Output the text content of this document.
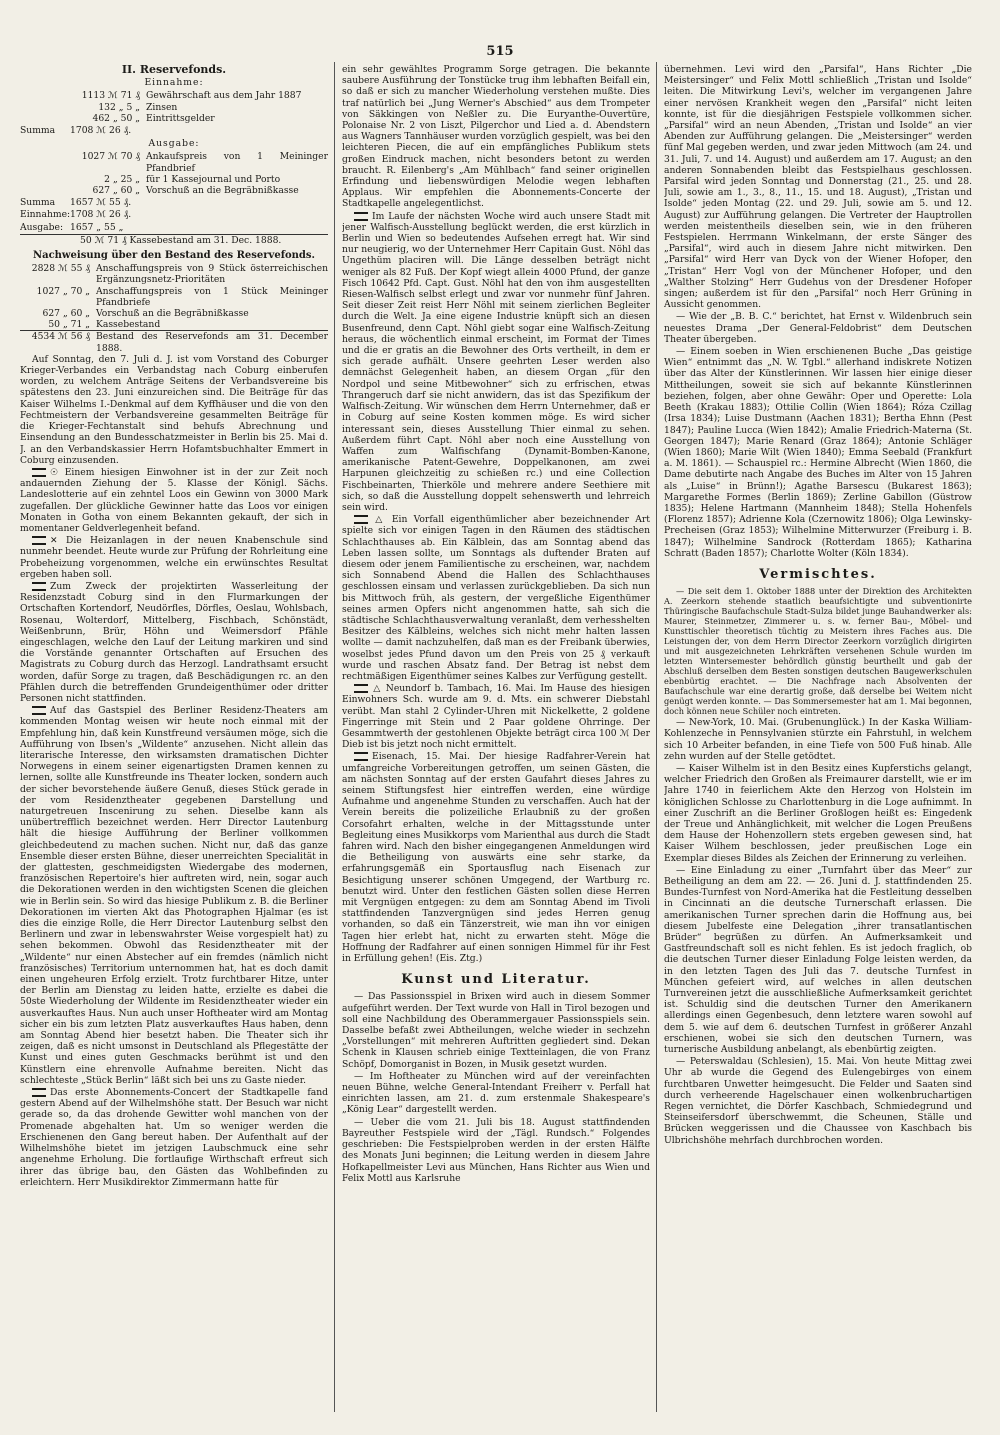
515

II. Reservefonds.

Einnahme:

1113 ℳ 71 ₰ Gewährschaft aus dem Jahr 1887
132 „ 5 „ Zinsen
462 „ 50 „ Eintrittsgelder
Summa	1708 ℳ 26 ₰.

Ausgabe:

1027 ℳ 70 ₰ Ankaufspreis von 1 Meininger Pfandbrief
2 „ 25 „ für 1 Kassejournal und Porto
627 „ 60 „ Vorschuß an die Begräbnißkasse
Summa	1657 ℳ 55 ₰.
Einnahme: 1708 ℳ 26 ₰.
Ausgabe: 1657 „ 55 „

50 ℳ 71 ₰ Kassebestand am 31. Dec. 1888.

Nachweisung über den Bestand des Reservefonds.

2828 ℳ 55 ₰ Anschaffungspreis von 9 Stück österreichischen Ergänzungsnetz-Prioritäten
1027 „ 70 „ Anschaffungspreis von 1 Stück Meininger Pfandbriefe
627 „ 60 „ Vorschuß an die Begräbnißkasse
50 „ 71 „ Kassebestand
4534 ℳ 56 ₰ Bestand des Reservefonds am 31. December 1888.

Auf Sonntag, den 7. Juli d. J. ist vom Vorstand des Coburger Krieger-Verbandes ein Verbandstag nach Coburg einberufen worden, zu welchem Anträge Seitens der Verbandsvereine bis spätestens den 23. Juni einzureichen sind. Die Beiträge für das Kaiser Wilhelms I.-Denkmal auf dem Kyffhäuser und die von den Fechtmeistern der Verbandsvereine gesammelten Beiträge für die Krieger-Fechtanstalt sind behufs Abrechnung und Einsendung an den Bundesschatzmeister in Berlin bis 25. Mai d. J. an den Verbandskassier Herrn Hofamtsbuchhalter Emmert in Coburg einzusenden.

☉ Einem hiesigen Einwohner ist in der zur Zeit noch andauernden Ziehung der 5. Klasse der Königl. Sächs. Landeslotterie auf ein zehntel Loos ein Gewinn von 3000 Mark zugefallen. Der glückliche Gewinner hatte das Loos vor einigen Monaten in Gotha von einem Bekannten gekauft, der sich in momentaner Geldverlegenheit befand.

✕ Die Heizanlagen in der neuen Knabenschule sind nunmehr beendet. Heute wurde zur Prüfung der Rohrleitung eine Probeheizung vorgenommen, welche ein erwünschtes Resultat ergeben haben soll.

Zum Zweck der projektirten Wasserleitung der Residenzstadt Coburg sind in den Flurmarkungen der Ortschaften Kortendorf, Neudörfles, Dörfles, Oeslau, Wohlsbach, Rosenau, Wolterdorf, Mittelberg, Fischbach, Schönstädt, Weißenbrunn, Brür, Höhn und Weimersdorf Pfähle eingeschlagen, welche den Lauf der Leitung markiren und sind die Vorstände genannter Ortschaften auf Ersuchen des Magistrats zu Coburg durch das Herzogl. Landrathsamt ersucht worden, dafür Sorge zu tragen, daß Beschädigungen rc. an den Pfählen durch die betreffenden Grundeigenthümer oder dritter Personen nicht stattfinden.

Auf das Gastspiel des Berliner Residenz-Theaters am kommenden Montag weisen wir heute noch einmal mit der Empfehlung hin, daß kein Kunstfreund versäumen möge, sich die Aufführung von Ibsen's „Wildente“ anzusehen. Nicht allein das literarische Interesse, den wirksamsten dramatischen Dichter Norwegens in einem seiner eigenartigsten Dramen kennen zu lernen, sollte alle Kunstfreunde ins Theater locken, sondern auch der sicher bevorstehende äußere Genuß, dieses Stück gerade in der vom Residenztheater gegebenen Darstellung und naturgetreuen Inscenirung zu sehen. Dieselbe kann als unübertrefflich bezeichnet werden. Herr Director Lautenburg hält die hiesige Aufführung der Berliner vollkommen gleichbedeutend zu machen suchen. Nicht nur, daß das ganze Ensemble dieser ersten Bühne, dieser unerreichten Specialität in der glattesten, geschmeidigsten Wiedergabe des modernen, französischen Repertoire's hier auftreten wird, nein, sogar auch die Dekorationen werden in den wichtigsten Scenen die gleichen wie in Berlin sein. So wird das hiesige Publikum z. B. die Berliner Dekorationen im vierten Akt das Photographen Hjalmar (es ist dies die einzige Rolle, die Herr Director Lautenburg selbst den Berlinern und zwar in lebenswahrster Weise vorgespielt hat) zu sehen bekommen. Obwohl das Residenztheater mit der „Wildente“ nur einen Abstecher auf ein fremdes (nämlich nicht französisches) Territorium unternommen hat, hat es doch damit einen ungeheuren Erfolg erzielt. Trotz furchtbarer Hitze, unter der Berlin am Dienstag zu leiden hatte, erzielte es dabei die 50ste Wiederholung der Wildente im Residenztheater wieder ein ausverkauftes Haus. Nun auch unser Hoftheater wird am Montag sicher ein bis zum letzten Platz ausverkauftes Haus haben, denn am Sonntag Abend hier besetzt haben. Die Theater sich ihr zeigen, daß es nicht umsonst in Deutschland als Pflegestätte der Kunst und eines guten Geschmacks berühmt ist und den Künstlern eine ehrenvolle Aufnahme bereiten. Nicht das schlechteste „Stück Berlin“ läßt sich bei uns zu Gaste nieder.

Das erste Abonnements-Concert der Stadtkapelle fand gestern Abend auf der Wilhelmshöhe statt. Der Besuch war nicht gerade so, da das drohende Gewitter wohl manchen von der Promenade abgehalten hat. Um so weniger werden die Erschienenen den Gang bereut haben. Der Aufenthalt auf der Wilhelmshöhe bietet im jetzigen Laubschmuck eine sehr angenehme Erholung. Die fortlaufige Wirthschaft erfreut sich ihrer das übrige bau, den Gästen das Wohlbefinden zu erleichtern. Herr Musikdirektor Zimmermann hatte für

ein sehr gewähltes Programm Sorge getragen. Die bekannte saubere Ausführung der Tonstücke trug ihm lebhaften Beifall ein, so daß er sich zu mancher Wiederholung verstehen mußte. Dies traf natürlich bei „Jung Werner's Abschied“ aus dem Trompeter von Säkkingen von Neßler zu. Die Euryanthe-Ouvertüre, Polonaise Nr. 2 von Liszt, Pilgerchor und Lied a. d. Abendstern aus Wagners Tannhäuser wurden vorzüglich gespielt, was bei den leichteren Piecen, die auf ein empfängliches Publikum stets großen Eindruck machen, nicht besonders betont zu werden braucht. R. Eilenberg's „Am Mühlbach“ fand seiner originellen Erfindung und liebenswürdigen Melodie wegen lebhaften Applaus. Wir empfehlen die Abonnements-Concerte der Stadtkapelle angelegentlichst.

Im Laufe der nächsten Woche wird auch unsere Stadt mit jener Walfisch-Ausstellung beglückt werden, die erst kürzlich in Berlin und Wien so bedeutendes Aufsehen erregt hat. Wir sind nur neugierig, wo der Unternehmer Herr Capitain Gust. Nöhl das Ungethüm placiren will. Die Länge desselben beträgt nicht weniger als 82 Fuß. Der Kopf wiegt allein 4000 Pfund, der ganze Fisch 10642 Pfd. Capt. Gust. Nöhl hat den von ihm ausgestellten Riesen-Walfisch selbst erlegt und zwar vor nunmehr fünf Jahren. Seit dieser Zeit reist Herr Nöhl mit seinem zierlichen Begleiter durch die Welt. Ja eine eigene Industrie knüpft sich an diesen Busenfreund, denn Capt. Nöhl giebt sogar eine Walfisch-Zeitung heraus, die wöchentlich einmal erscheint, im Format der Times und die er gratis an die Bewohner des Orts vertheilt, in dem er sich gerade aufhält. Unsere geehrten Leser werden also demnächst Gelegenheit haben, an diesem Organ „für den Nordpol und seine Mitbewohner“ sich zu erfrischen, etwas Thrangeruch darf sie nicht anwidern, das ist das Spezifikum der Walfisch-Zeitung. Wir wünschen dem Herrn Unternehmer, daß er in Coburg auf seine Kosten kommen möge. Es wird sicher interessant sein, dieses Ausstellung Thier einmal zu sehen. Außerdem führt Capt. Nöhl aber noch eine Ausstellung von Waffen zum Walfischfang (Dynamit-Bomben-Kanone, amerikanische Patent-Gewehre, Doppelkanonen, am zwei Harpunen gleichzeitig zu schießen rc.) und eine Collection Fischbeinarten, Thierköle und mehrere andere Seethiere mit sich, so daß die Ausstellung doppelt sehenswerth und lehrreich sein wird.

△ Ein Vorfall eigenthümlicher aber bezeichnender Art spielte sich vor einigen Tagen in den Räumen des städtischen Schlachthauses ab. Ein Kälblein, das am Sonntag abend das Leben lassen sollte, um Sonntags als duftender Braten auf diesem oder jenem Familientische zu erscheinen, war, nachdem sich Sonnabend Abend die Hallen des Schlachthauses geschlossen einsam und verlassen zurückgeblieben. Da sich nun bis Mittwoch früh, als gestern, der vergeßliche Eigenthümer seines armen Opfers nicht angenommen hatte, sah sich die städtische Schlachthausverwaltung veranlaßt, dem verhesshelten Besitzer des Kälbleins, welches sich nicht mehr halten lassen wollte — damit nachzuhelfen, daß man es der Freibank überwies, woselbst jedes Pfund davon um den Preis von 25 ₰ verkauft wurde und raschen Absatz fand. Der Betrag ist nebst dem rechtmäßigen Eigenthümer seines Kalbes zur Verfügung gestellt.

△ Neundorf b. Tambach, 16. Mai. Im Hause des hiesigen Einwohners Sch. wurde am 9. d. Mts. ein schwerer Diebstahl verübt. Man stahl 2 Cylinder-Uhren mit Nickelkette, 2 goldene Fingerringe mit Stein und 2 Paar goldene Ohrringe. Der Gesammtwerth der gestohlenen Objekte beträgt circa 100 ℳ Der Dieb ist bis jetzt noch nicht ermittelt.

Eisenach, 15. Mai. Der hiesige Radfahrer-Verein hat umfangreiche Vorbereitungen getroffen, um seinen Gästen, die am nächsten Sonntag auf der ersten Gaufahrt dieses Jahres zu seinem Stiftungsfest hier eintreffen werden, eine würdige Aufnahme und angenehme Stunden zu verschaffen. Auch hat der Verein bereits die polizeiliche Erlaubniß zu der großen Corsofahrt erhalten, welche in der Mittagsstunde unter Begleitung eines Musikkorps vom Marienthal aus durch die Stadt fahren wird. Nach den bisher eingegangenen Anmeldungen wird die Betheiligung von auswärts eine sehr starke, da erfahrungsgemäß ein Sportausflug nach Eisenach zur Besichtigung unserer schönen Umgegend, der Wartburg rc. benutzt wird. Unter den festlichen Gästen sollen diese Herren mit Vergnügen entgegen: zu dem am Sonntag Abend im Tivoli stattfindenden Tanzvergnügen sind jedes Herren genug vorhanden, so daß ein Tänzerstreit, wie man ihn vor einigen Tagen hier erlebt hat, nicht zu erwarten steht. Möge die Hoffnung der Radfahrer auf einen sonnigen Himmel für ihr Fest in Erfüllung gehen! (Eis. Ztg.)

Kunst und Literatur.

— Das Passionsspiel in Brixen wird auch in diesem Sommer aufgeführt werden. Der Text wurde von Hall in Tirol bezogen und soll eine Nachbildung des Oberammergauer Passionsspiels sein. Dasselbe befaßt zwei Abtheilungen, welche wieder in sechzehn „Vorstellungen“ mit mehreren Auftritten gegliedert sind. Dekan Schenk in Klausen schrieb einige Textteinlagen, die von Franz Schöpf, Domorganist in Bozen, in Musik gesetzt wurden.

— Im Hoftheater zu München wird auf der vereinfachten neuen Bühne, welche General-Intendant Freiherr v. Perfall hat einrichten lassen, am 21. d. zum erstenmale Shakespeare's „König Lear“ dargestellt werden.

— Ueber die vom 21. Juli bis 18. August stattfindenden Bayreuther Festspiele wird der „Tägl. Rundsch.“ Folgendes geschrieben: Die Festspielproben werden in der ersten Hälfte des Monats Juni beginnen; die Leitung werden in diesem Jahre Hofkapellmeister Levi aus München, Hans Richter aus Wien und Felix Mottl aus Karlsruhe

übernehmen. Levi wird den „Parsifal“, Hans Richter „Die Meistersinger“ und Felix Mottl schließlich „Tristan und Isolde“ leiten. Die Mitwirkung Levi's, welcher im vergangenen Jahre einer nervösen Krankheit wegen den „Parsifal“ nicht leiten konnte, ist für die diesjährigen Festspiele vollkommen sicher. „Parsifal“ wird an neun Abenden, „Tristan und Isolde“ an vier Abenden zur Aufführung gelangen. Die „Meistersinger“ werden fünf Mal gegeben werden, und zwar jeden Mittwoch (am 24. und 31. Juli, 7. und 14. August) und außerdem am 17. August; an den anderen Sonnabenden bleibt das Festspielhaus geschlossen. Parsifal wird jeden Sonntag und Donnerstag (21., 25. und 28. Juli, sowie am 1., 3., 8., 11., 15. und 18. August), „Tristan und Isolde“ jeden Montag (22. und 29. Juli, sowie am 5. und 12. August) zur Aufführung gelangen. Die Vertreter der Hauptrollen werden meistentheils dieselben sein, wie in den früheren Festspielen. Herrmann Winkelmann, der erste Sänger des „Parsifal“, wird auch in diesem Jahre nicht mitwirken. Den „Parsifal“ wird Herr van Dyck von der Wiener Hofoper, den „Tristan“ Herr Vogl von der Münchener Hofoper, und den „Walther Stolzing“ Herr Gudehus von der Dresdener Hofoper singen; außerdem ist für den „Parsifal“ noch Herr Grüning in Aussicht genommen.

— Wie der „B. B. C.“ berichtet, hat Ernst v. Wildenbruch sein neuestes Drama „Der General-Feldobrist“ dem Deutschen Theater übergeben.

— Einem soeben in Wien erschienenen Buche „Das geistige Wien“ entnimmt das „N. W. Tgbl.“ allerhand indiskrete Notizen über das Alter der Künstlerinnen. Wir lassen hier einige dieser Mittheilungen, soweit sie sich auf bekannte Künstlerinnen beziehen, folgen, aber ohne Gewähr: Oper und Operette: Lola Beeth (Krakau 1883); Ottilie Collin (Wien 1864); Róza Czillag (Irsa 1834); Luise Dustmann (Aachen 1831); Bertha Ehnn (Pest 1847); Pauline Lucca (Wien 1842); Amalie Friedrich-Materna (St. Georgen 1847); Marie Renard (Graz 1864); Antonie Schläger (Wien 1860); Marie Wilt (Wien 1840); Emma Seebald (Frankfurt a. M. 1861). — Schauspiel rc.: Hermine Albrecht (Wien 1860, die Dame debutirte nach Angabe des Buches im Alter von 15 Jahren als „Luise“ in Brünn!); Agathe Barsescu (Bukarest 1863); Margarethe Formes (Berlin 1869); Zerline Gabillon (Güstrow 1835); Helene Hartmann (Mannheim 1848); Stella Hohenfels (Florenz 1857); Adrienne Kola (Czernowitz 1806); Olga Lewinsky-Precheisen (Graz 1853); Wilhelmine Mitterwurzer (Freiburg i. B. 1847); Wilhelmine Sandrock (Rotterdam 1865); Katharina Schratt (Baden 1857); Charlotte Wolter (Köln 1834).

Vermischtes.

— Die seit dem 1. Oktober 1888 unter der Direktion des Architekten A. Zeerkorn stehende staatlich beaufsichtigte und subventionirte Thüringische Baufachschule Stadt-Sulza bildet junge Bauhandwerker als: Maurer, Steinmetzer, Zimmerer u. s. w. ferner Bau-, Möbel- und Kunsttischler theoretisch tüchtig zu Meistern ihres Faches aus. Die Leistungen der, von dem Herrn Director Zeerkorn vorzüglich dirigirten und mit ausgezeichneten Lehrkräften versehenen Schule wurden im letzten Wintersemester behördlich günstig beurtheilt und gab der Abschluß derselben dem Besten sonstigen deutschen Baugewerkschulen ebenbürtig erachtet. — Die Nachfrage nach Absolventen der Baufachschule war eine derartig große, daß derselbe bei Weitem nicht genügt werden konnte. — Das Sommersemester hat am 1. Mai begonnen, doch können neue Schüler noch eintreten.

— New-York, 10. Mai. (Grubenunglück.) In der Kaska William-Kohlenzeche in Pennsylvanien stürzte ein Fahrstuhl, in welchem sich 10 Arbeiter befanden, in eine Tiefe von 500 Fuß hinab. Alle zehn wurden auf der Stelle getödtet.

— Kaiser Wilhelm ist in den Besitz eines Kupferstichs gelangt, welcher Friedrich den Großen als Freimaurer darstellt, wie er im Jahre 1740 in feierlichem Akte den Herzog von Holstein im königlichen Schlosse zu Charlottenburg in die Loge aufnimmt. In einer Zuschrift an die Berliner Großlogen heißt es: Eingedenk der Treue und Anhänglichkeit, mit welcher die Logen Preußens dem Hause der Hohenzollern stets ergeben gewesen sind, hat Kaiser Wilhem beschlossen, jeder preußischen Loge ein Exemplar dieses Bildes als Zeichen der Erinnerung zu verleihen.

— Eine Einladung zu einer „Turnfahrt über das Meer“ zur Betheiligung an dem am 22. — 26. Juni d. J. stattfindenden 25. Bundes-Turnfest von Nord-Amerika hat die Festleitung desselben in Cincinnati an die deutsche Turnerschaft erlassen. Die amerikanischen Turner sprechen darin die Hoffnung aus, bei diesem Jubelfeste eine Delegation „ihrer transatlantischen Brüder“ begrüßen zu dürfen. An Aufmerksamkeit und Gastfreundschaft soll es nicht fehlen. Es ist jedoch fraglich, ob die deutschen Turner dieser Einladung Folge leisten werden, da in den letzten Tagen des Juli das 7. deutsche Turnfest in München gefeiert wird, auf welches in allen deutschen Turnvereinen jetzt die ausschließliche Aufmerksamkeit gerichtet ist. Schuldig sind die deutschen Turner den Amerikanern allerdings einen Gegenbesuch, denn letztere waren sowohl auf dem 5. wie auf dem 6. deutschen Turnfest in größerer Anzahl erschienen, wobei sie sich den deutschen Turnern, was turnerische Ausbildung anbelangt, als ebenbürtig zeigten.

— Peterswaldau (Schlesien), 15. Mai. Von heute Mittag zwei Uhr ab wurde die Gegend des Eulengebirges von einem furchtbaren Unwetter heimgesucht. Die Felder und Saaten sind durch verheerende Hagelschauer einen wolkenbruchartigen Regen vernichtet, die Dörfer Kaschbach, Schmiedegrund und Steinseifersdorf überschwemmt, die Scheunen, Ställe und Brücken weggerissen und die Chaussee von Kaschbach bis Ulbrichshöhe mehrfach durchbrochen worden.
